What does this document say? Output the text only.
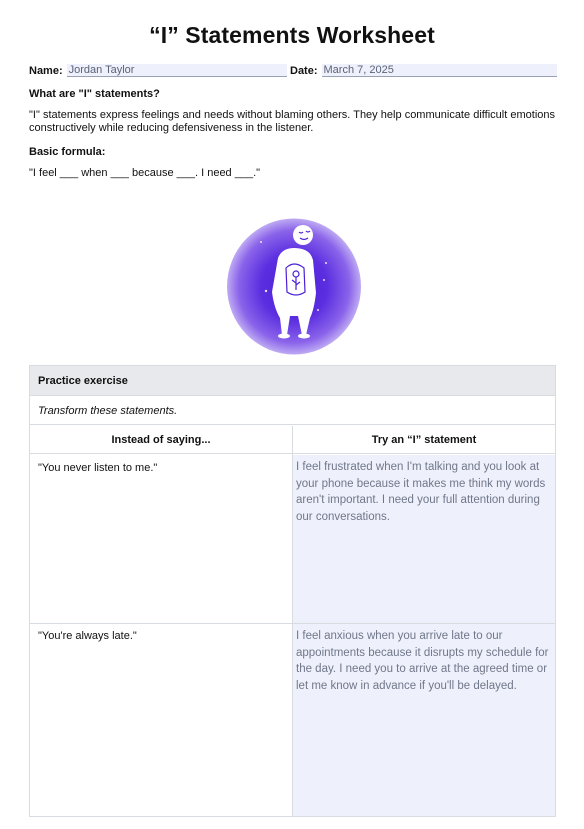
“I” Statements Worksheet
Name: Jordan Taylor	Date: March 7, 2025
What are "I" statements?
"I" statements express feelings and needs without blaming others. They help communicate difficult emotions constructively while reducing defensiveness in the listener.
Basic formula:
"I feel ___ when ___ because ___. I need ___."
Practice exercise
Transform these statements.
Instead of saying...	Try an “I” statement
"You never listen to me."	I feel frustrated when I'm talking and you look at your phone because it makes me think my words aren't important. I need your full attention during our conversations.
"You're always late."	I feel anxious when you arrive late to our appointments because it disrupts my schedule for the day. I need you to arrive at the agreed time or let me know in advance if you'll be delayed.
